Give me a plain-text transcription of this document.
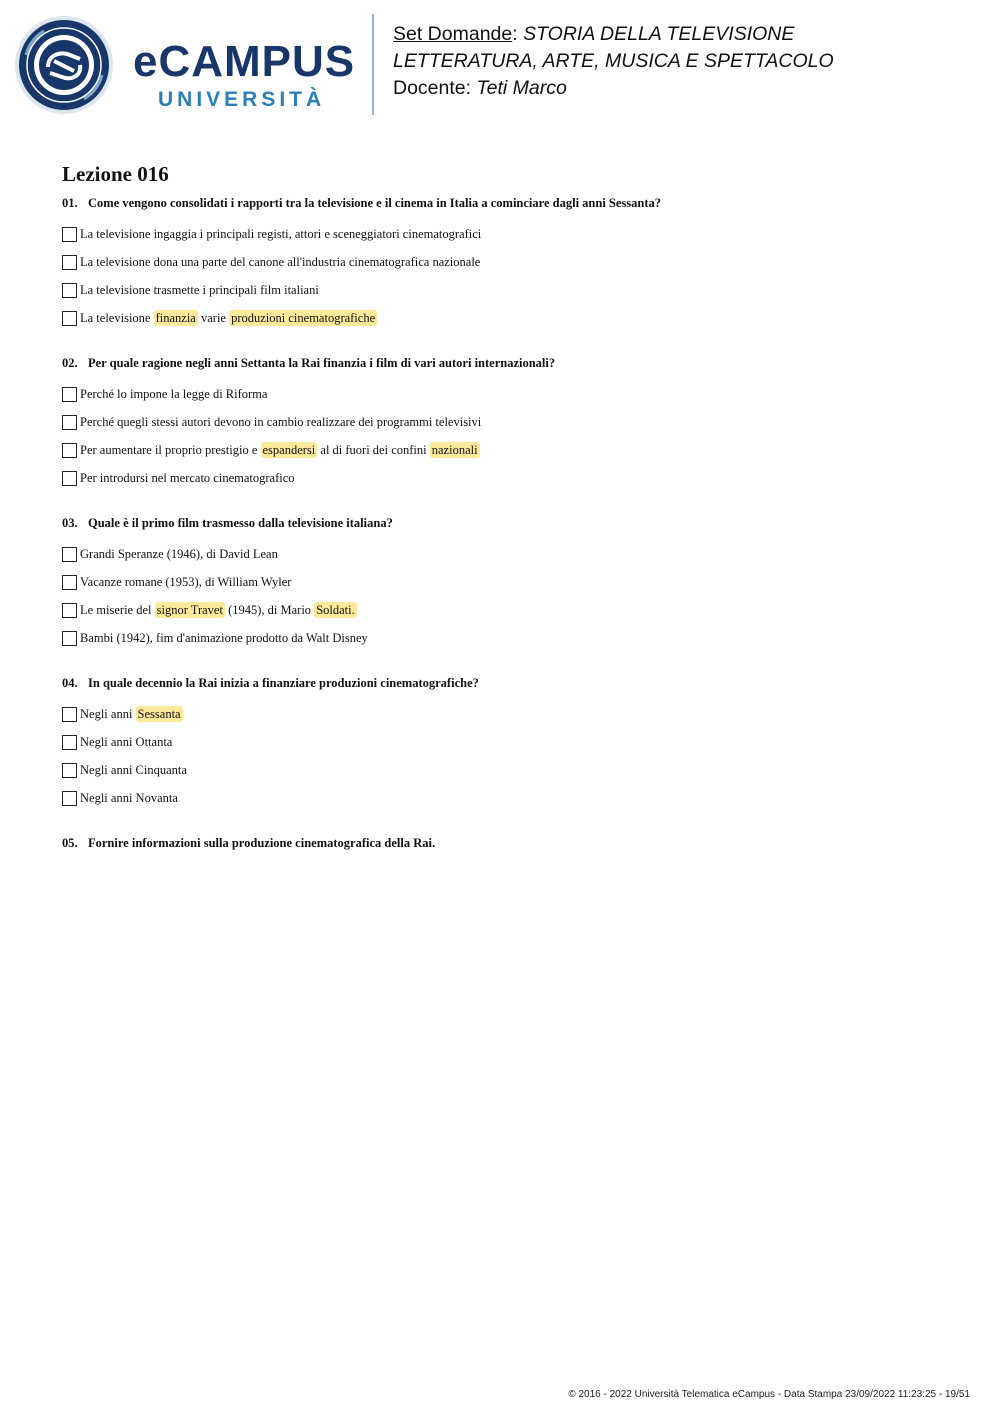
eCAMPUS
UNIVERSITÀ
Set Domande: STORIA DELLA TELEVISIONE
LETTERATURA, ARTE, MUSICA E SPETTACOLO
Docente: Teti Marco
Lezione 016
01. Come vengono consolidati i rapporti tra la televisione e il cinema in Italia a cominciare dagli anni Sessanta?
La televisione ingaggia i principali registi, attori e sceneggiatori cinematografici
La televisione dona una parte del canone all'industria cinematografica nazionale
La televisione trasmette i principali film italiani
La televisione finanzia varie produzioni cinematografiche
02. Per quale ragione negli anni Settanta la Rai finanzia i film di vari autori internazionali?
Perché lo impone la legge di Riforma
Perché quegli stessi autori devono in cambio realizzare dei programmi televisivi
Per aumentare il proprio prestigio e espandersi al di fuori dei confini nazionali
Per introdursi nel mercato cinematografico
03. Quale è il primo film trasmesso dalla televisione italiana?
Grandi Speranze (1946), di David Lean
Vacanze romane (1953), di William Wyler
Le miserie del signor Travet (1945), di Mario Soldati.
Bambi (1942), fim d'animazione prodotto da Walt Disney
04. In quale decennio la Rai inizia a finanziare produzioni cinematografiche?
Negli anni Sessanta
Negli anni Ottanta
Negli anni Cinquanta
Negli anni Novanta
05. Fornire informazioni sulla produzione cinematografica della Rai.
© 2016 - 2022 Università Telematica eCampus - Data Stampa 23/09/2022 11:23:25 - 19/51
